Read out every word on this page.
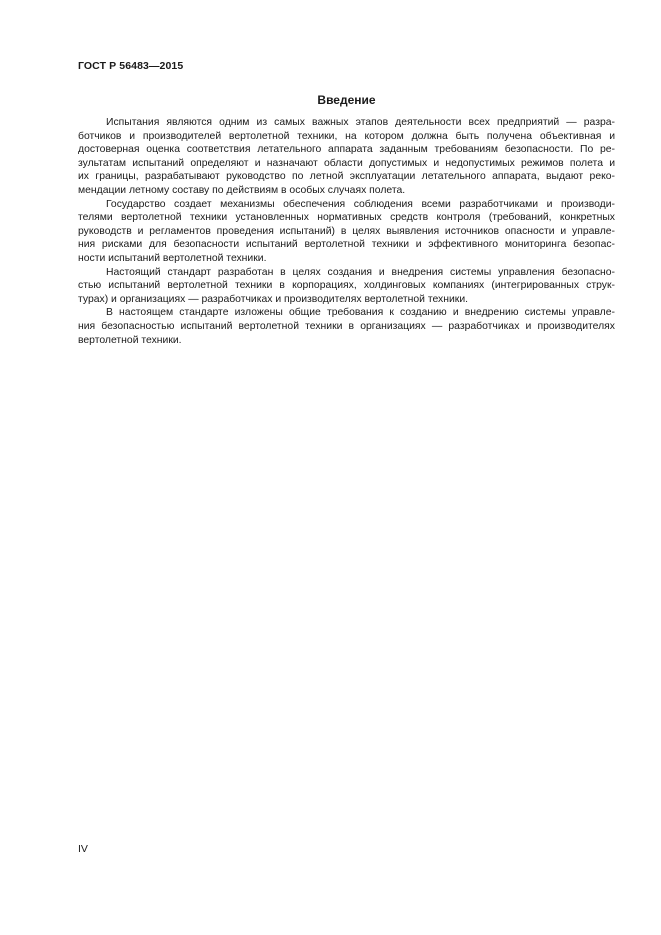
ГОСТ Р 56483—2015
Введение

Испытания являются одним из самых важных этапов деятельности всех предприятий — разра-
ботчиков и производителей вертолетной техники, на котором должна быть получена объективная и
достоверная оценка соответствия летательного аппарата заданным требованиям безопасности. По ре-
зультатам испытаний определяют и назначают области допустимых и недопустимых режимов полета и
их границы, разрабатывают руководство по летной эксплуатации летательного аппарата, выдают реко-
мендации летному составу по действиям в особых случаях полета.

Государство создает механизмы обеспечения соблюдения всеми разработчиками и производи-
телями вертолетной техники установленных нормативных средств контроля (требований, конкретных
руководств и регламентов проведения испытаний) в целях выявления источников опасности и управле-
ния рисками для безопасности испытаний вертолетной техники и эффективного мониторинга безопас-
ности испытаний вертолетной техники.

Настоящий стандарт разработан в целях создания и внедрения системы управления безопасно-
стью испытаний вертолетной техники в корпорациях, холдинговых компаниях (интегрированных струк-
турах) и организациях — разработчиках и производителях вертолетной техники.

В настоящем стандарте изложены общие требования к созданию и внедрению системы управле-
ния безопасностью испытаний вертолетной техники в организациях — разработчиках и производителях
вертолетной техники.

IV
